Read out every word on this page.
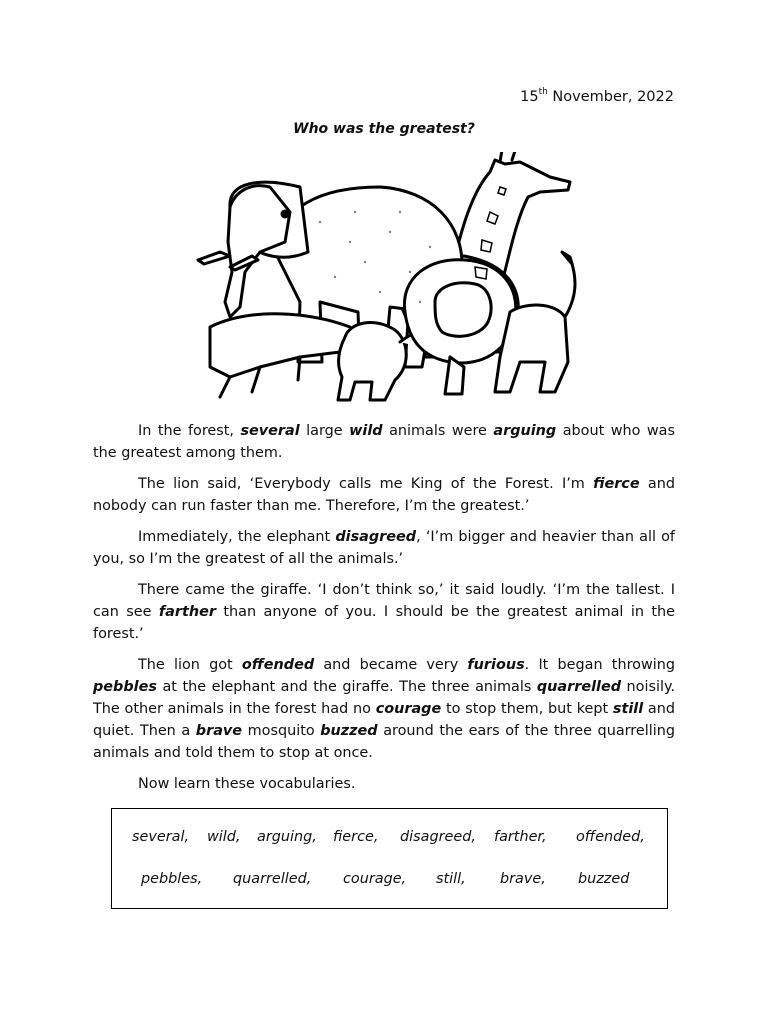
15th November, 2022
Who was the greatest?

In the forest, several large wild animals were arguing about who was the greatest among them.

The lion said, ‘Everybody calls me King of the Forest. I’m fierce and nobody can run faster than me. Therefore, I’m the greatest.’

Immediately, the elephant disagreed, ‘I’m bigger and heavier than all of you, so I’m the greatest of all the animals.’

There came the giraffe. ‘I don’t think so,’ it said loudly. ‘I’m the tallest. I can see farther than anyone of you. I should be the greatest animal in the forest.’

The lion got offended and became very furious. It began throwing pebbles at the elephant and the giraffe. The three animals quarrelled noisily. The other animals in the forest had no courage to stop them, but kept still and quiet. Then a brave mosquito buzzed around the ears of the three quarrelling animals and told them to stop at once.

Now learn these vocabularies.

several, wild, arguing, fierce, disagreed, farther, offended,
pebbles, quarrelled, courage, still, brave, buzzed
